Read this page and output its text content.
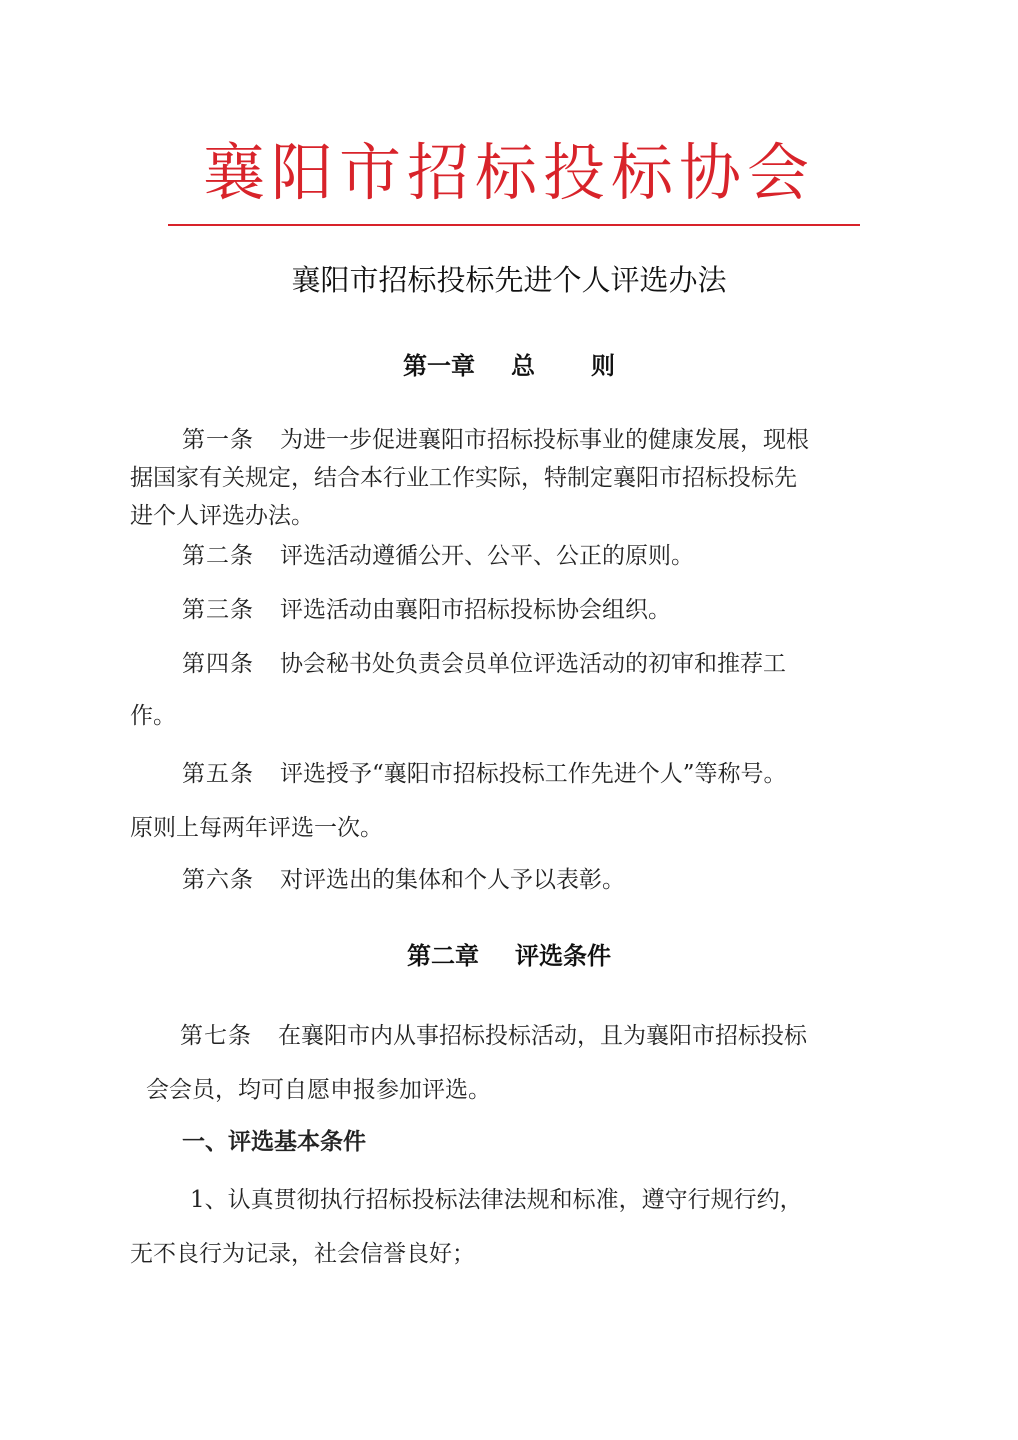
襄阳市招标投标协会
襄阳市招标投标先进个人评选办法
第一章 总 则
第一条 为进一步促进襄阳市招标投标事业的健康发展，现根
据国家有关规定，结合本行业工作实际，特制定襄阳市招标投标先
进个人评选办法。
第二条 评选活动遵循公开、公平、公正的原则。
第三条 评选活动由襄阳市招标投标协会组织。
第四条 协会秘书处负责会员单位评选活动的初审和推荐工
作。
第五条 评选授予“襄阳市招标投标工作先进个人”等称号。
原则上每两年评选一次。
第六条 对评选出的集体和个人予以表彰。
第二章 评选条件
第七条 在襄阳市内从事招标投标活动，且为襄阳市招标投标
会会员，均可自愿申报参加评选。
一、评选基本条件
1、认真贯彻执行招标投标法律法规和标准，遵守行规行约，
无不良行为记录，社会信誉良好；
